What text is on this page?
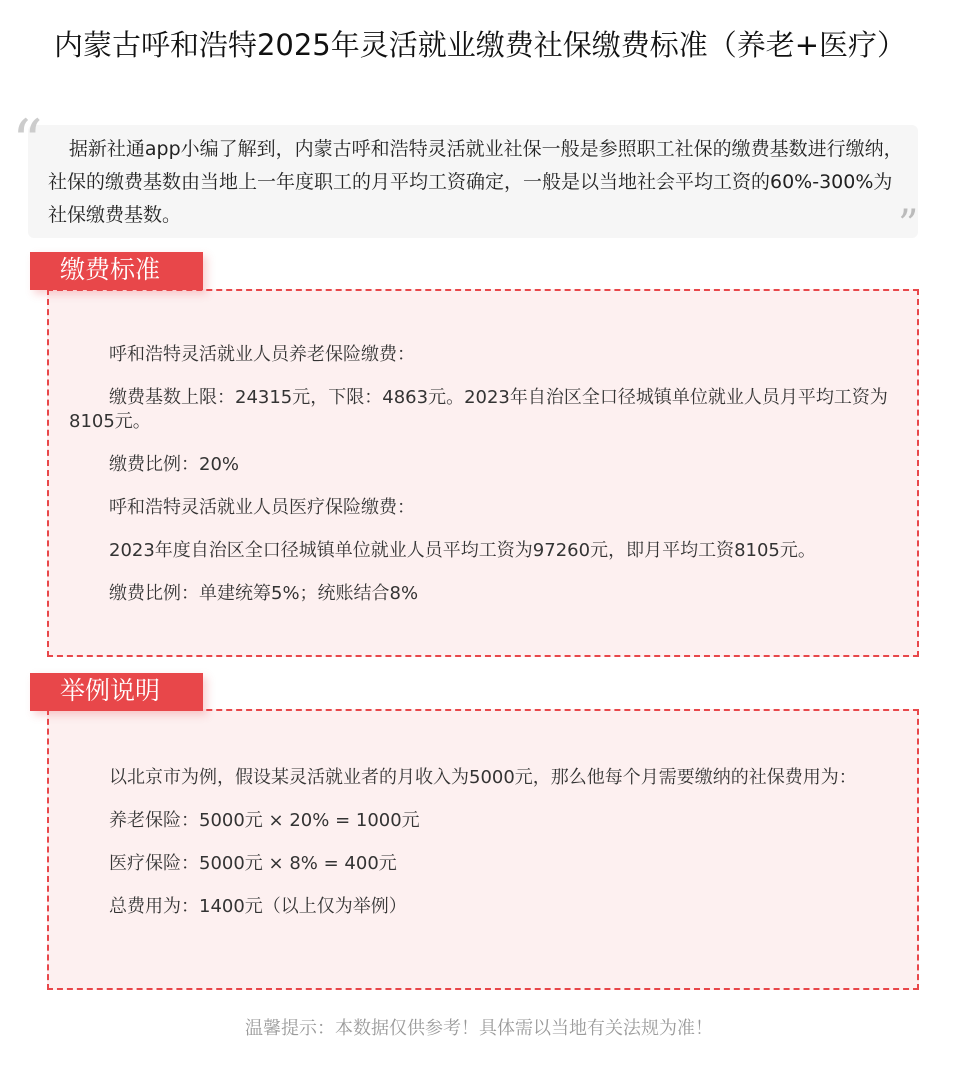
内蒙古呼和浩特2025年灵活就业缴费社保缴费标准（养老+医疗）
据新社通app小编了解到，内蒙古呼和浩特灵活就业社保一般是参照职工社保的缴费基数进行缴纳，社保的缴费基数由当地上一年度职工的月平均工资确定，一般是以当地社会平均工资的60%-300%为社保缴费基数。
“
”
缴费标准

呼和浩特灵活就业人员养老保险缴费：

缴费基数上限：24315元，下限：4863元。2023年自治区全口径城镇单位就业人员月平均工资为8105元。

缴费比例：20%

呼和浩特灵活就业人员医疗保险缴费：

2023年度自治区全口径城镇单位就业人员平均工资为97260元，即月平均工资8105元。

缴费比例：单建统筹5%；统账结合8%

举例说明

以北京市为例，假设某灵活就业者的月收入为5000元，那么他每个月需要缴纳的社保费用为：

养老保险：5000元 × 20% = 1000元

医疗保险：5000元 × 8% = 400元

总费用为：1400元（以上仅为举例）

温馨提示：本数据仅供参考！具体需以当地有关法规为准！
